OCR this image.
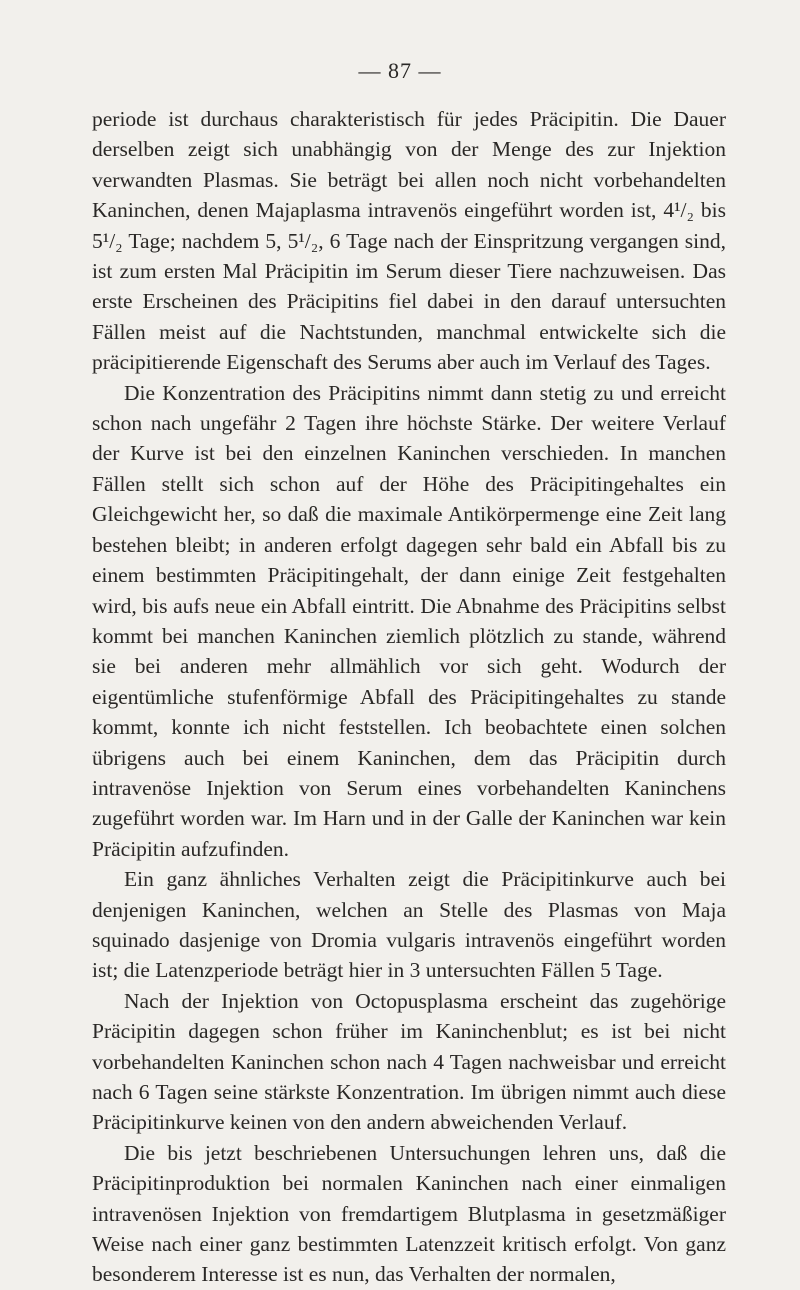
— 87 —

periode ist durchaus charakteristisch für jedes Präcipitin. Die Dauer derselben zeigt sich unabhängig von der Menge des zur Injektion verwandten Plasmas. Sie beträgt bei allen noch nicht vorbehandelten Kaninchen, denen Majaplasma intravenös eingeführt worden ist, 4¹/₂ bis 5¹/₂ Tage; nachdem 5, 5¹/₂, 6 Tage nach der Einspritzung vergangen sind, ist zum ersten Mal Präcipitin im Serum dieser Tiere nachzuweisen. Das erste Erscheinen des Präcipitins fiel dabei in den darauf untersuchten Fällen meist auf die Nachtstunden, manchmal entwickelte sich die präcipitierende Eigenschaft des Serums aber auch im Verlauf des Tages.

Die Konzentration des Präcipitins nimmt dann stetig zu und erreicht schon nach ungefähr 2 Tagen ihre höchste Stärke. Der weitere Verlauf der Kurve ist bei den einzelnen Kaninchen verschieden. In manchen Fällen stellt sich schon auf der Höhe des Präcipitingehaltes ein Gleichgewicht her, so daß die maximale Antikörpermenge eine Zeit lang bestehen bleibt; in anderen erfolgt dagegen sehr bald ein Abfall bis zu einem bestimmten Präcipitingehalt, der dann einige Zeit festgehalten wird, bis aufs neue ein Abfall eintritt. Die Abnahme des Präcipitins selbst kommt bei manchen Kaninchen ziemlich plötzlich zu stande, während sie bei anderen mehr allmählich vor sich geht. Wodurch der eigentümliche stufenförmige Abfall des Präcipitingehaltes zu stande kommt, konnte ich nicht feststellen. Ich beobachtete einen solchen übrigens auch bei einem Kaninchen, dem das Präcipitin durch intravenöse Injektion von Serum eines vorbehandelten Kaninchens zugeführt worden war. Im Harn und in der Galle der Kaninchen war kein Präcipitin aufzufinden.

Ein ganz ähnliches Verhalten zeigt die Präcipitinkurve auch bei denjenigen Kaninchen, welchen an Stelle des Plasmas von Maja squinado dasjenige von Dromia vulgaris intravenös eingeführt worden ist; die Latenzperiode beträgt hier in 3 untersuchten Fällen 5 Tage.

Nach der Injektion von Octopusplasma erscheint das zugehörige Präcipitin dagegen schon früher im Kaninchenblut; es ist bei nicht vorbehandelten Kaninchen schon nach 4 Tagen nachweisbar und erreicht nach 6 Tagen seine stärkste Konzentration. Im übrigen nimmt auch diese Präcipitinkurve keinen von den andern abweichenden Verlauf.

Die bis jetzt beschriebenen Untersuchungen lehren uns, daß die Präcipitinproduktion bei normalen Kaninchen nach einer einmaligen intravenösen Injektion von fremdartigem Blutplasma in gesetzmäßiger Weise nach einer ganz bestimmten Latenzzeit kritisch erfolgt. Von ganz besonderem Interesse ist es nun, das Verhalten der normalen,
